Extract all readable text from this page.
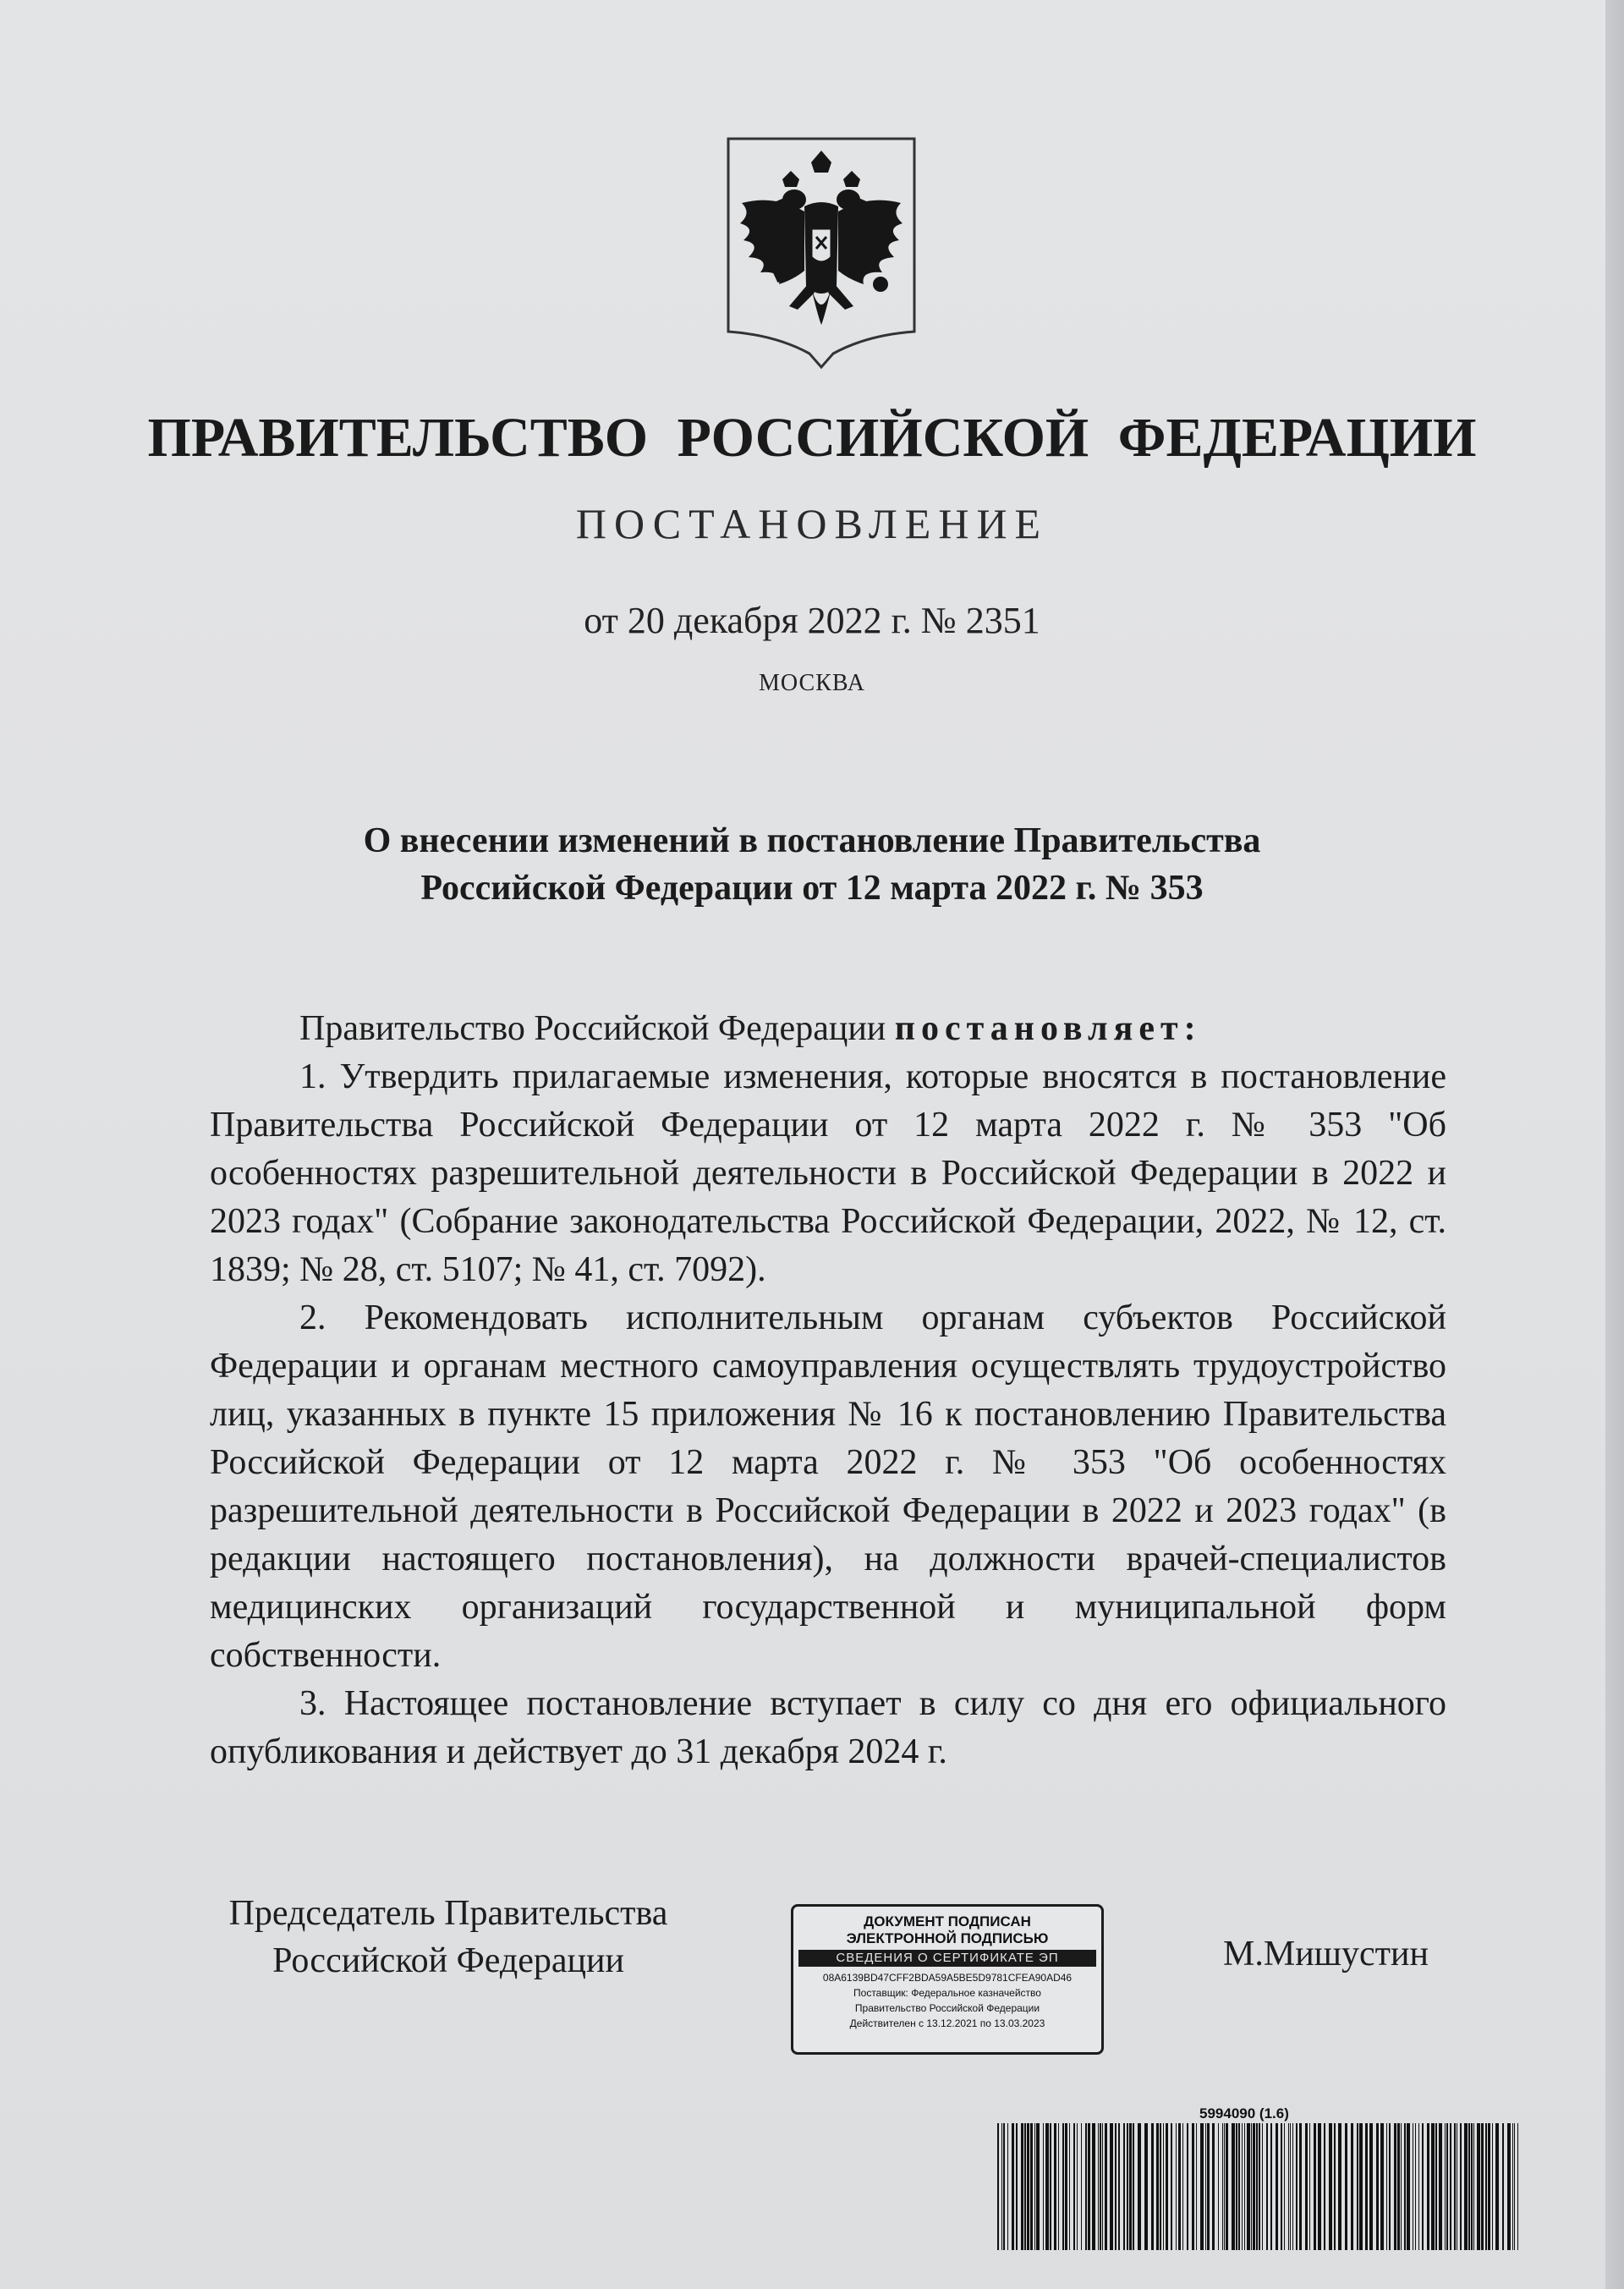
ПРАВИТЕЛЬСТВО РОССИЙСКОЙ ФЕДЕРАЦИИ
ПОСТАНОВЛЕНИЕ
от 20 декабря 2022 г. № 2351
МОСКВА
О внесении изменений в постановление Правительства
Российской Федерации от 12 марта 2022 г. № 353

Правительство Российской Федерации постановляет:

1. Утвердить прилагаемые изменения, которые вносятся в постановление Правительства Российской Федерации от 12 марта 2022 г. № 353 "Об особенностях разрешительной деятельности в Российской Федерации в 2022 и 2023 годах" (Собрание законодательства Российской Федерации, 2022, № 12, ст. 1839; № 28, ст. 5107; № 41, ст. 7092).

2. Рекомендовать исполнительным органам субъектов Российской Федерации и органам местного самоуправления осуществлять трудоустройство лиц, указанных в пункте 15 приложения № 16 к постановлению Правительства Российской Федерации от 12 марта 2022 г. № 353 "Об особенностях разрешительной деятельности в Российской Федерации в 2022 и 2023 годах" (в редакции настоящего постановления), на должности врачей-специалистов медицинских организаций государственной и муниципальной форм собственности.

3. Настоящее постановление вступает в силу со дня его официального опубликования и действует до 31 декабря 2024 г.

Председатель Правительства
Российской Федерации
ДОКУМЕНТ ПОДПИСАН
ЭЛЕКТРОННОЙ ПОДПИСЬЮ
СВЕДЕНИЯ О СЕРТИФИКАТЕ ЭП
08A6139BD47CFF2BDA59A5BE5D9781CFEA90AD46
Поставщик: Федеральное казначейство
Правительство Российской Федерации
Действителен с 13.12.2021 по 13.03.2023
М.Мишустин
5994090 (1.6)
